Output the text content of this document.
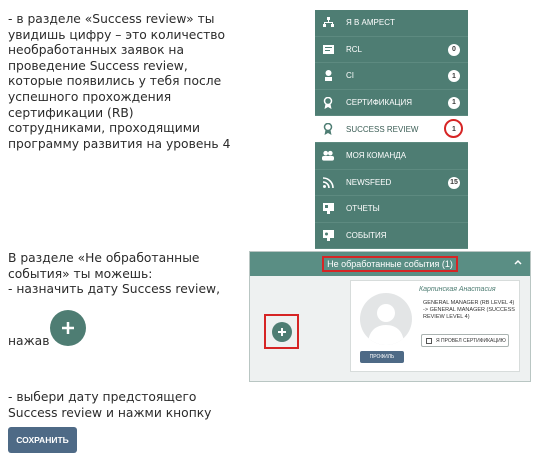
- в разделе «Success review» ты
увидишь цифру – это количество
необработанных заявок на
проведение Success review,
которые появились у тебя после
успешного прохождения
сертификации (RB)
сотрудниками, проходящими
программу развития на уровень 4
В разделе «Не обработанные
события» ты можешь:
- назначить дату Success review,
нажав
- выбери дату предстоящего
Success review и нажми кнопку
Я В AMPECT
RCL	0
CI	1
СЕРТИФИКАЦИЯ	1
SUCCESS REVIEW	1
МОЯ КОМАНДА
NEWSFEED	15
ОТЧЕТЫ
СОБЫТИЯ
Не обработанные события (1)
Карпинская Анастасия
GENERAL MANAGER (RB LEVEL 4) -> GENERAL MANAGER (SUCCESS REVIEW LEVEL 4)
Я ПРОВЕЛ СЕРТИФИКАЦИЮ
ПРОФИЛЬ
СОХРАНИТЬ
